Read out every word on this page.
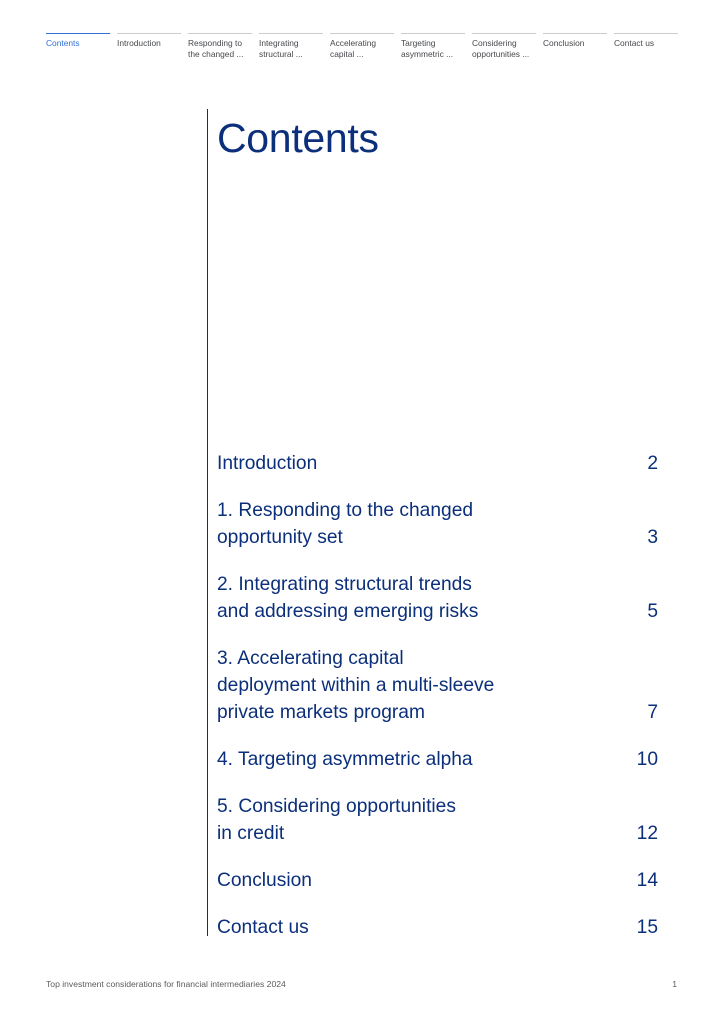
Contents	Introduction	Responding to
the changed ...
Integrating
structural ...
Accelerating
capital ...
Targeting
asymmetric ...
Considering
opportunities ...
Conclusion	Contact us
Contents
Introduction	2
1. Responding to the changed
opportunity set	3
2. Integrating structural trends
and addressing emerging risks	5
3. Accelerating capital
deployment within a multi-sleeve
private markets program	7
4. Targeting asymmetric alpha	10
5. Considering opportunities
in credit	12
Conclusion	14
Contact us	15
Top investment considerations for financial intermediaries 2024	1
